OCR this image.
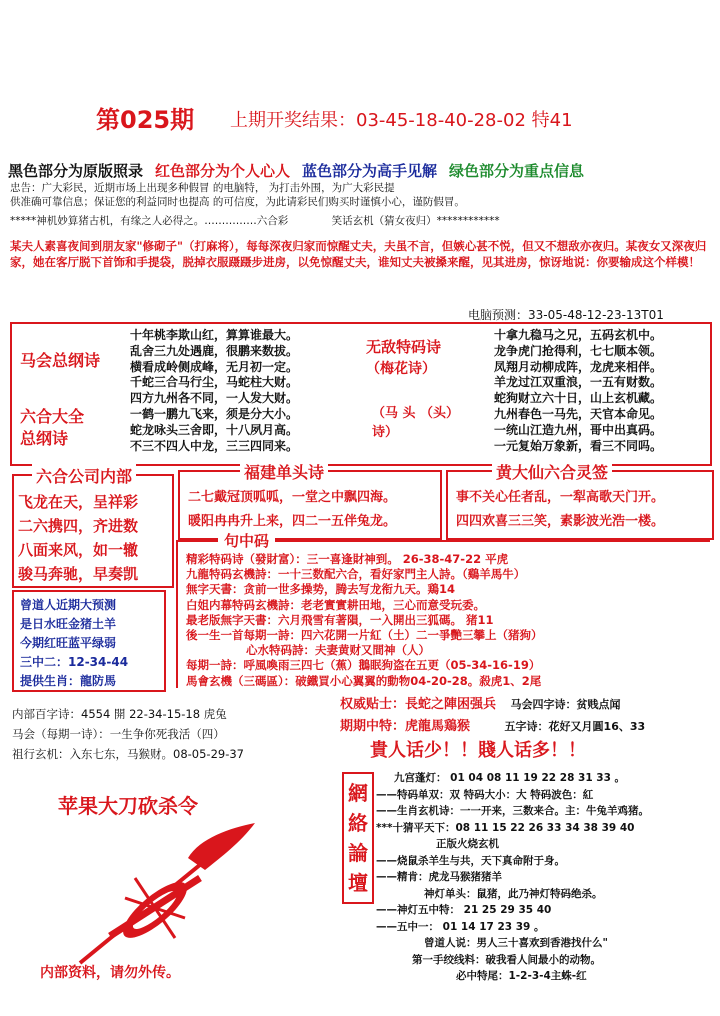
第025期 上期开奖结果：03-45-18-40-28-02 特41
黑色部分为原版照录 红色部分为个人心人 蓝色部分为高手见解 绿色部分为重点信息
忠告：广大彩民，近期市场上出现多种假冒 的电脑特， 为打击外围，为广大彩民提
供准确可靠信息；保证您的利益同时也提高 的可信度，为此请彩民们购买时谨慎小心，谨防假冒。
*****神机妙算猪古机，有缘之人必得之。……………六合彩	笑话玄机（猜女夜归）************
某夫人素喜夜间到朋友家"修砌子"（打麻将），每每深夜归家而惊醒丈夫，夫虽不言，但嫉心甚不悦，但又不想敌亦夜归。某夜女又深夜归家，她在客厅脱下首饰和手提袋，脱掉衣服蹑蹑步进房，以免惊醒丈夫，谁知丈夫被搡来醒，见其进房，惊讶地说：你要输成这个样模！
电脑预测：33-05-48-12-23-13T01
马会总纲诗
六合大全
总纲诗
十年桃李欺山红，算算谁最大。
乱舍三九处遇鹿，很鹏来数拔。
横看成岭侧成峰，无月初一定。
千蛇三合马行尘，马蛇柱大财。
四方九州各不同，一人发大财。
一鹤一鹏九飞来，须是分大小。
蛇龙咏头三舍即，十八夙月高。
不三不四人中龙，三三四同来。
无敌特码诗
（梅花诗）
（马 头 （头） 诗）
十拿九稳马之兄，五码玄机中。
龙争虎门抢得利，七七顺本领。
凤翔月动柳成阵，龙虎来相伴。
羊龙过江双重浪，一五有财数。
蛇狗财立六十日，山上玄机藏。
九州春色一马先，天官本命见。
一统山江造九州，哥中出真码。
一元复始万象新，看三不同吗。
六合公司内部
飞龙在天，呈祥彩
二六携四，齐进数
八面来风，如一辙
骏马奔驰，早奏凯
福建单头诗
二七戴冠顶呱呱，一堂之中飘四海。
暖阳冉冉升上来，四二一五伴兔龙。
黄大仙六合灵签
事不关心任者乱，一犁高歌天门开。
四四欢喜三三笑，素影波光浩一楼。
句中码
精彩特码诗（發財富）：三一喜逢財神到。 26-38-47-22 平虎
九龍特码玄機詩：一十三数配六合，看好家門主人詩。（鷄羊馬牛）
無字天書：贪前一世多操势，腾去写龙衔九天。鶏14
白姐内幕特码玄機詩：老老實實耕田地，三心而意受玩委。
最老版無字天書：六月飛雪有著隕，一入開出三狐碼。 猪11
後一生一首每期一詩：四六花開一片紅（土）二一爭艷三攀上（猪狗）
心水特码詩：夫妻黄财又間神（人）
每期一詩：呼風喚雨三四七（蕉）鵝眠狗盗在五更（05-34-16-19）
馬會玄機（三碼區）：破鐵買小心翼翼的動物04-20-28。殺虎1、2尾
曾道人近期大预测
是日水旺金猪土羊
今期红旺蓝平绿弱
三中二：12-34-44
提供生肖：龍防馬
内部百字诗：4554 開 22-34-15-18 虎兔
马会（每期一诗）：一生争你死我活（四）
祖行玄机：入东七东，马猴财。08-05-29-37
权威贴士：長蛇之陣困强兵 马会四字诗：贫贱点闻
期期中特：虎龍馬鶏猴	五字诗：花好又月圓16、33
貴人话少！！賤人话多！！
網絡論壇
九宫蓬灯： 01 04 08 11 19 22 28 31 33 。
——特码单双：双 特码大小：大 特码波色：紅
——生肖玄机诗：一一开来，三数来合。主：牛兔羊鸡猪。
***十猜平天下：08 11 15 22 26 33 34 38 39 40
正版火烧玄机
——烧鼠杀羊生与共，天下真命附于身。
——精肯：虎龙马猴猪猪羊
神灯单头：鼠猪，此乃神灯特码绝杀。
——神灯五中特： 21 25 29 35 40
——五中一： 01 14 17 23 39 。
曾道人说：男人三十喜欢到香港找什么"
第一手绞线料：破我看人间最小的动物。
必中特尾：1-2-3-4主蛛-红
苹果大刀砍杀令
内部资料，请勿外传。
